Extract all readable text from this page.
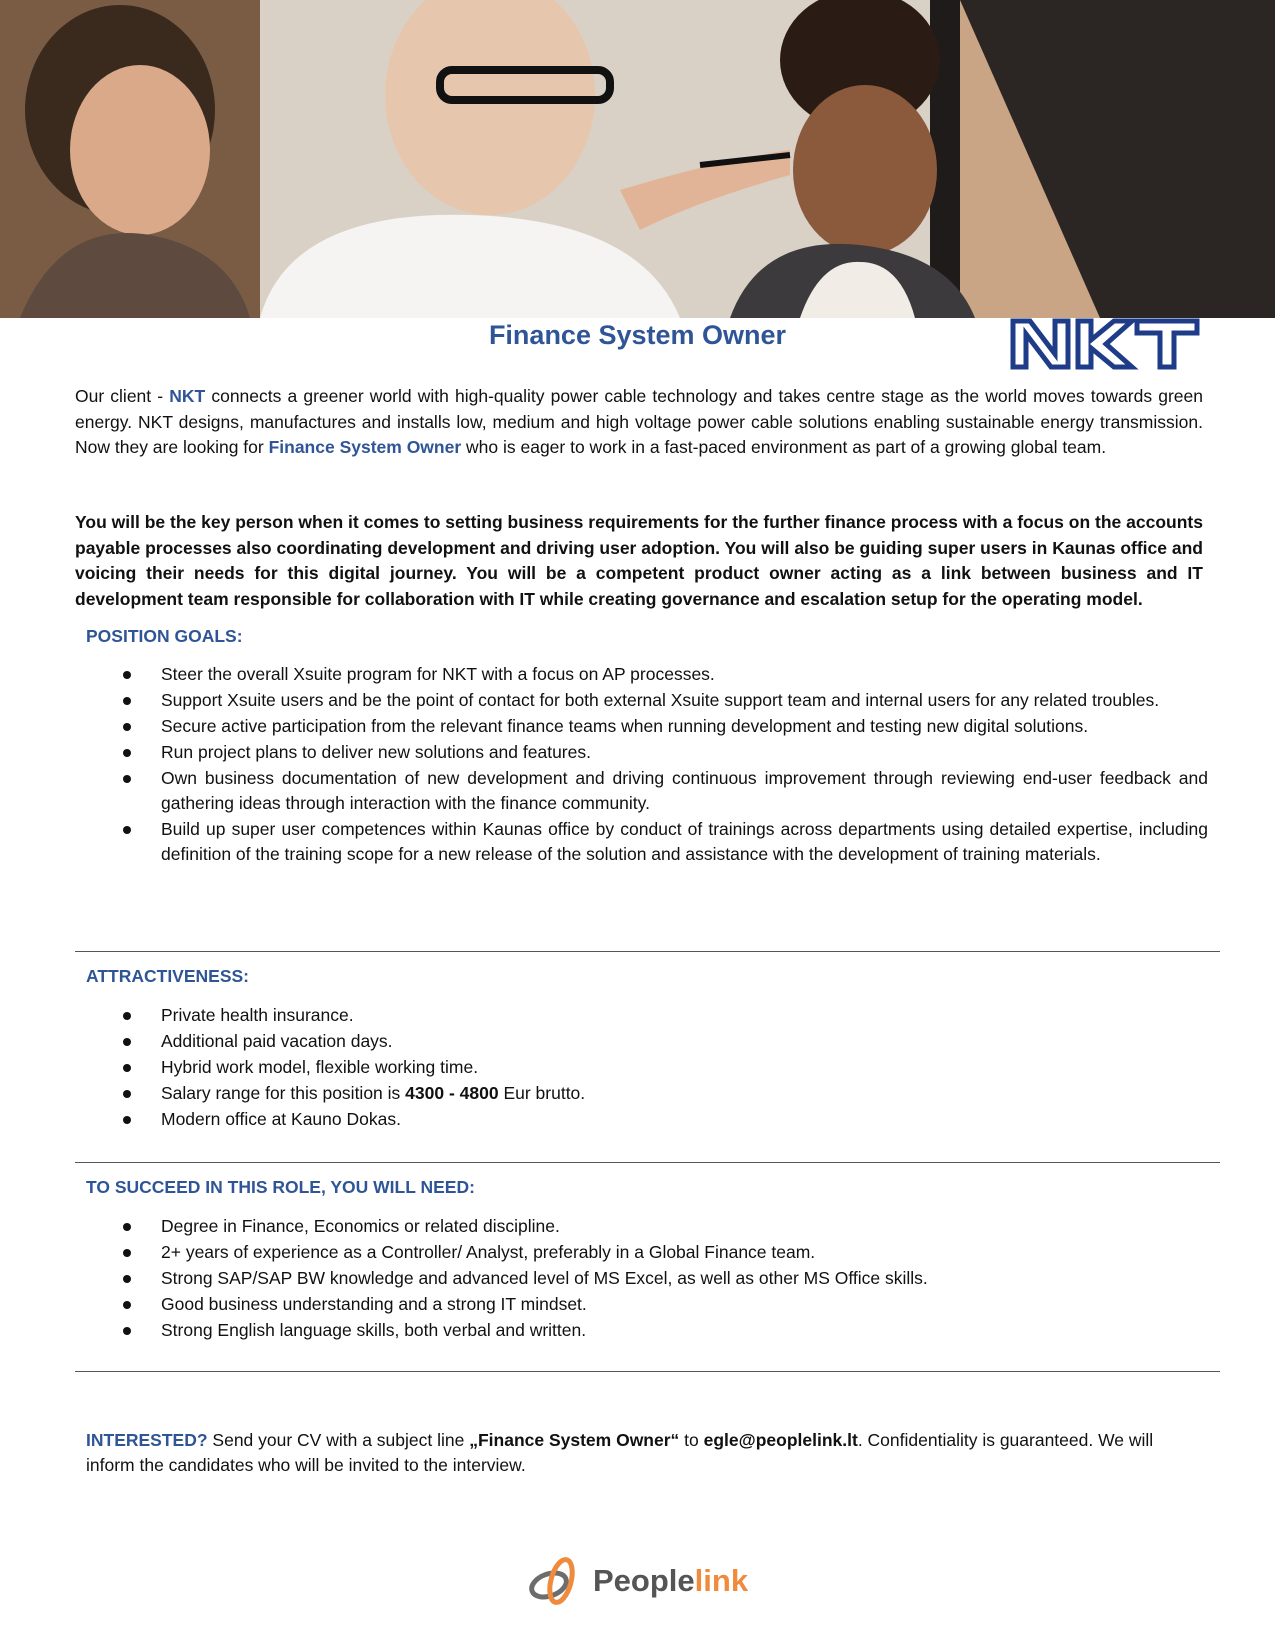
Finance System Owner
Our client - NKT connects a greener world with high-quality power cable technology and takes centre stage as the world moves towards green energy. NKT designs, manufactures and installs low, medium and high voltage power cable solutions enabling sustainable energy transmission. Now they are looking for Finance System Owner who is eager to work in a fast-paced environment as part of a growing global team.
You will be the key person when it comes to setting business requirements for the further finance process with a focus on the accounts payable processes also coordinating development and driving user adoption. You will also be guiding super users in Kaunas office and voicing their needs for this digital journey. You will be a competent product owner acting as a link between business and IT development team responsible for collaboration with IT while creating governance and escalation setup for the operating model.
POSITION GOALS:
Steer the overall Xsuite program for NKT with a focus on AP processes.
Support Xsuite users and be the point of contact for both external Xsuite support team and internal users for any related troubles.
Secure active participation from the relevant finance teams when running development and testing new digital solutions.
Run project plans to deliver new solutions and features.
Own business documentation of new development and driving continuous improvement through reviewing end-user feedback and gathering ideas through interaction with the finance community.
Build up super user competences within Kaunas office by conduct of trainings across departments using detailed expertise, including definition of the training scope for a new release of the solution and assistance with the development of training materials.
ATTRACTIVENESS:
Private health insurance.
Additional paid vacation days.
Hybrid work model, flexible working time.
Salary range for this position is 4300 - 4800 Eur brutto.
Modern office at Kauno Dokas.
TO SUCCEED IN THIS ROLE, YOU WILL NEED:
Degree in Finance, Economics or related discipline.
2+ years of experience as a Controller/ Analyst, preferably in a Global Finance team.
Strong SAP/SAP BW knowledge and advanced level of MS Excel, as well as other MS Office skills.
Good business understanding and a strong IT mindset.
Strong English language skills, both verbal and written.
INTERESTED? Send your CV with a subject line „Finance System Owner“ to egle@peoplelink.lt. Confidentiality is guaranteed. We will inform the candidates who will be invited to the interview.
Peoplelink
